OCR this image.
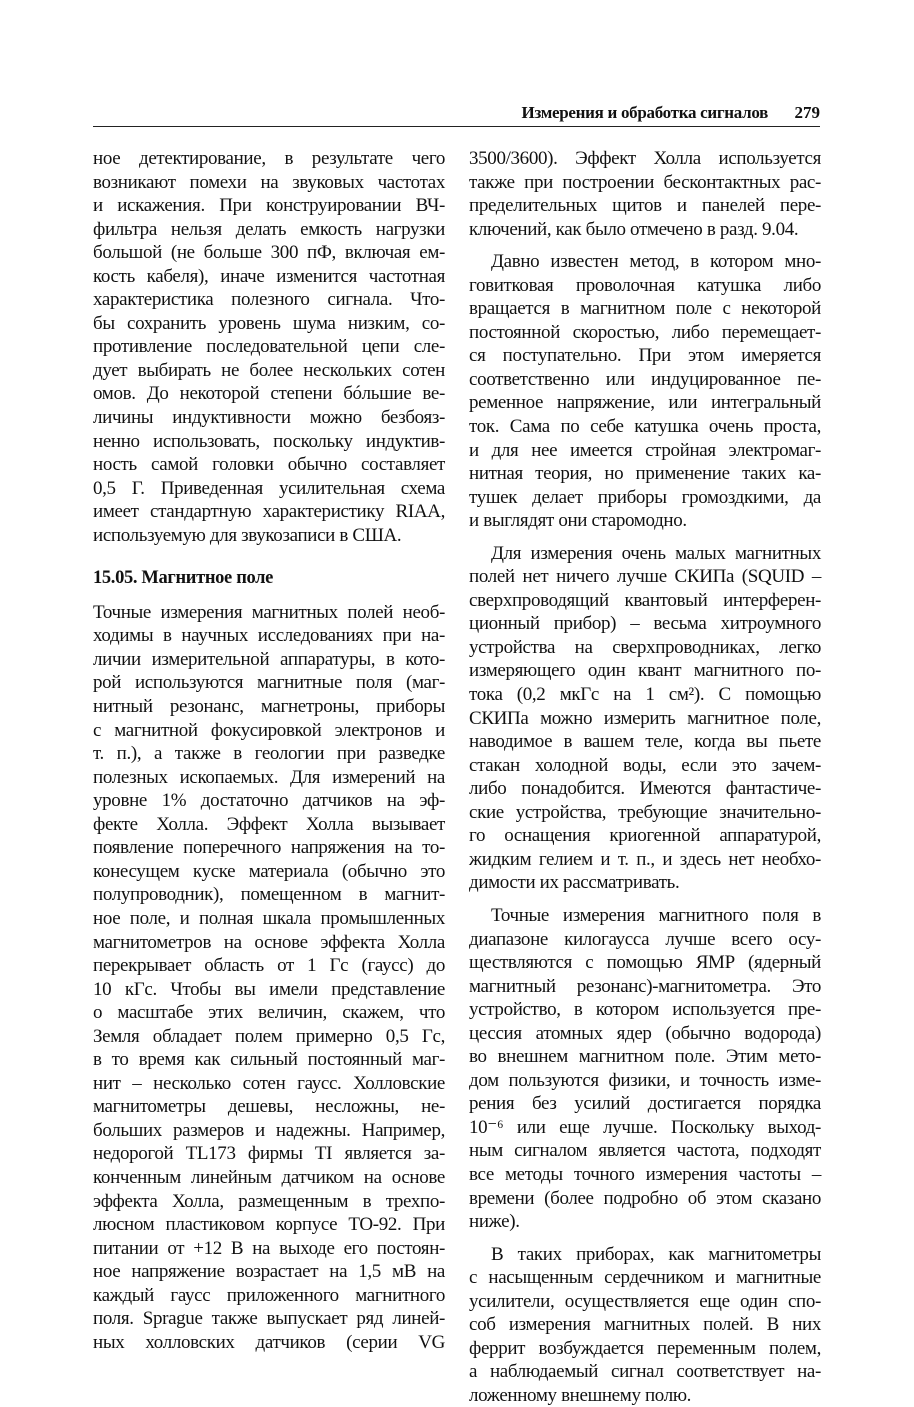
Измерения и обработка сигналов 279
ное детектирование, в результате чего
возникают помехи на звуковых частотах
и искажения. При конструировании ВЧ-
фильтра нельзя делать емкость нагрузки
большой (не больше 300 пФ, включая ем-
кость кабеля), иначе изменится частотная
характеристика полезного сигнала. Что-
бы сохранить уровень шума низким, со-
противление последовательной цепи сле-
дует выбирать не более нескольких сотен
омов. До некоторой степени бóльшие ве-
личины индуктивности можно безбояз-
ненно использовать, поскольку индуктив-
ность самой головки обычно составляет
0,5 Г. Приведенная усилительная схема
имеет стандартную характеристику RIAA,
используемую для звукозаписи в США.
15.05. Магнитное поле
Точные измерения магнитных полей необ-
ходимы в научных исследованиях при на-
личии измерительной аппаратуры, в кото-
рой используются магнитные поля (маг-
нитный резонанс, магнетроны, приборы
с магнитной фокусировкой электронов и
т. п.), а также в геологии при разведке
полезных ископаемых. Для измерений на
уровне 1% достаточно датчиков на эф-
фекте Холла. Эффект Холла вызывает
появление поперечного напряжения на то-
конесущем куске материала (обычно это
полупроводник), помещенном в магнит-
ное поле, и полная шкала промышленных
магнитометров на основе эффекта Холла
перекрывает область от 1 Гс (гаусс) до
10 кГс. Чтобы вы имели представление
о масштабе этих величин, скажем, что
Земля обладает полем примерно 0,5 Гс,
в то время как сильный постоянный маг-
нит – несколько сотен гаусс. Холловские
магнитометры дешевы, несложны, не-
больших размеров и надежны. Например,
недорогой TL173 фирмы TI является за-
конченным линейным датчиком на основе
эффекта Холла, размещенным в трехпо-
люсном пластиковом корпусе ТО-92. При
питании от +12 В на выходе его постоян-
ное напряжение возрастает на 1,5 мВ на
каждый гаусс приложенного магнитного
поля. Sprague также выпускает ряд линей-
ных холловских датчиков (серии VG
3500/3600). Эффект Холла используется
также при построении бесконтактных рас-
пределительных щитов и панелей пере-
ключений, как было отмечено в разд. 9.04.
Давно известен метод, в котором мно-
говитковая проволочная катушка либо
вращается в магнитном поле с некоторой
постоянной скоростью, либо перемещает-
ся поступательно. При этом имеряется
соответственно или индуцированное пе-
ременное напряжение, или интегральный
ток. Сама по себе катушка очень проста,
и для нее имеется стройная электромаг-
нитная теория, но применение таких ка-
тушек делает приборы громоздкими, да
и выглядят они старомодно.
Для измерения очень малых магнитных
полей нет ничего лучше СКИПа (SQUID –
сверхпроводящий квантовый интерферен-
ционный прибор) – весьма хитроумного
устройства на сверхпроводниках, легко
измеряющего один квант магнитного по-
тока (0,2 мкГс на 1 см²). С помощью
СКИПа можно измерить магнитное поле,
наводимое в вашем теле, когда вы пьете
стакан холодной воды, если это зачем-
либо понадобится. Имеются фантастиче-
ские устройства, требующие значительно-
го оснащения криогенной аппаратурой,
жидким гелием и т. п., и здесь нет необхо-
димости их рассматривать.
Точные измерения магнитного поля в
диапазоне килогаусса лучше всего осу-
ществляются с помощью ЯМР (ядерный
магнитный резонанс)-магнитометра. Это
устройство, в котором используется пре-
цессия атомных ядер (обычно водорода)
во внешнем магнитном поле. Этим мето-
дом пользуются физики, и точность изме-
рения без усилий достигается порядка
10⁻⁶ или еще лучше. Поскольку выход-
ным сигналом является частота, подходят
все методы точного измерения частоты –
времени (более подробно об этом сказано
ниже).
В таких приборах, как магнитометры
с насыщенным сердечником и магнитные
усилители, осуществляется еще один спо-
соб измерения магнитных полей. В них
феррит возбуждается переменным полем,
а наблюдаемый сигнал соответствует на-
ложенному внешнему полю.
